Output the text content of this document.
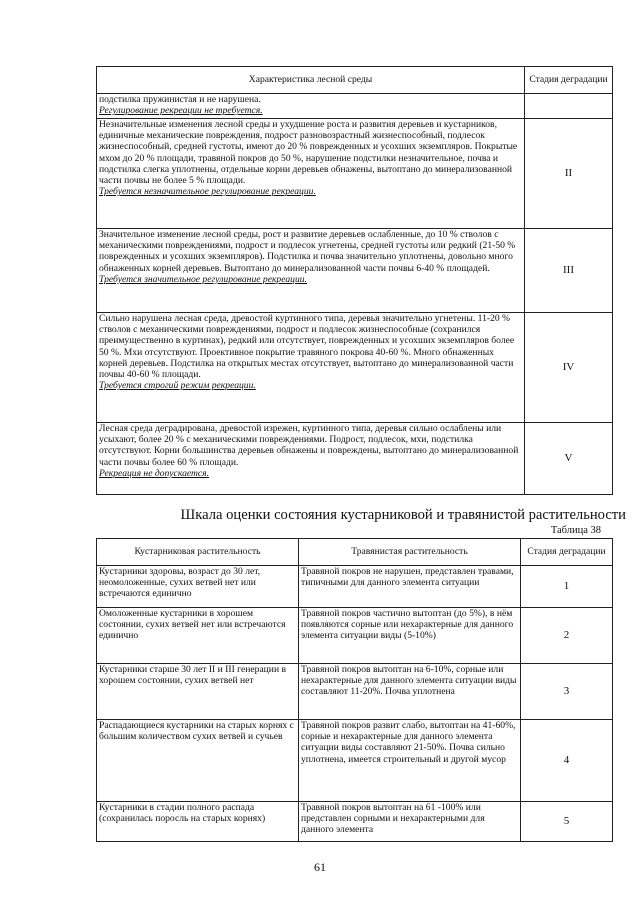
Характеристика лесной среды	Стадия деградации

подстилка пружинистая и не нарушена.
Регулирование рекреации не требуется.	

Незначительные изменения лесной среды и ухудшение роста и развития деревьев и кустарников, единичные механические повреждения, подрост разновозрастный жизнеспособный, подлесок жизнеспособный, средней густоты, имеют до 20 % поврежденных и усохших экземпляров. Покрытые мхом до 20 % площади, травяной покров до 50 %, нарушение подстилки незначительное, почва и подстилка слегка уплотнены, отдельные корни деревьев обнажены, вытоптано до минерализованной части почвы не более 5 % площади.
Требуется незначительное регулирование рекреации.	II

Значительное изменение лесной среды, рост и развитие деревьев ослабленные, до 10 % стволов с механическими повреждениями, подрост и подлесок угнетены, средней густоты или редкий (21-50 % поврежденных и усохших экземпляров). Подстилка и почва значительно уплотнены, довольно много обнаженных корней деревьев. Вытоптано до минерализованной части почвы 6-40 % площадей.
Требуется значительное регулирование рекреации.	III

Сильно нарушена лесная среда, древостой куртинного типа, деревья значительно угнетены. 11-20 % стволов с механическими повреждениями, подрост и подлесок жизнеспособные (сохранился преимущественно в куртинах), редкий или отсутствует, поврежденных и усохших экземпляров более 50 %. Мхи отсутствуют. Проективное покрытие травяного покрова 40-60 %. Много обнаженных корней деревьев. Подстилка на открытых местах отсутствует, вытоптано до минерализованной части почвы 40-60 % площади.
Требуется строгий режим рекреации.	IV

Лесная среда деградирована, древостой изрежен, куртинного типа, деревья сильно ослаблены или усыхают, более 20 % с механическими повреждениями. Подрост, подлесок, мхи, подстилка отсутствуют. Корни большинства деревьев обнажены и повреждены, вытоптано до минерализованной части почвы более 60 % площади.
Рекреация не допускается.	V
Шкала оценки состояния кустарниковой и травянистой растительности
Таблица 38
Кустарниковая растительность	Травянистая растительность	Стадия деградации
Кустарники здоровы, возраст до 30 лет, неомоложенные, сухих ветвей нет или встречаются единично	Травяной покров не нарушен, представлен травами, типичными для данного элемента ситуации	1
Омоложенные кустарники в хорошем состоянии, сухих ветвей нет или встречаются единично	Травяной покров частично вытоптан (до 5%), в нём появляются сорные или нехарактерные для данного элемента ситуации виды (5-10%)	2
Кустарники старше 30 лет II и III генерации в хорошем состоянии, сухих ветвей нет	Травяной покров вытоптан на 6-10%, сорные или нехарактерные для данного элемента ситуации виды составляют 11-20%. Почва уплотнена	3
Распадающиеся кустарники на старых корнях с большим количеством сухих ветвей и сучьев	Травяной покров развит слабо, вытоптан на 41-60%, сорные и нехарактерные для данного элемента ситуации виды составляют 21-50%. Почва сильно уплотнена, имеется строительный и другой мусор	4
Кустарники в стадии полного распада (сохранилась поросль на старых корнях)	Травяной покров вытоптан на 61 -100% или представлен сорными и нехарактерными для данного элемента	5
61
